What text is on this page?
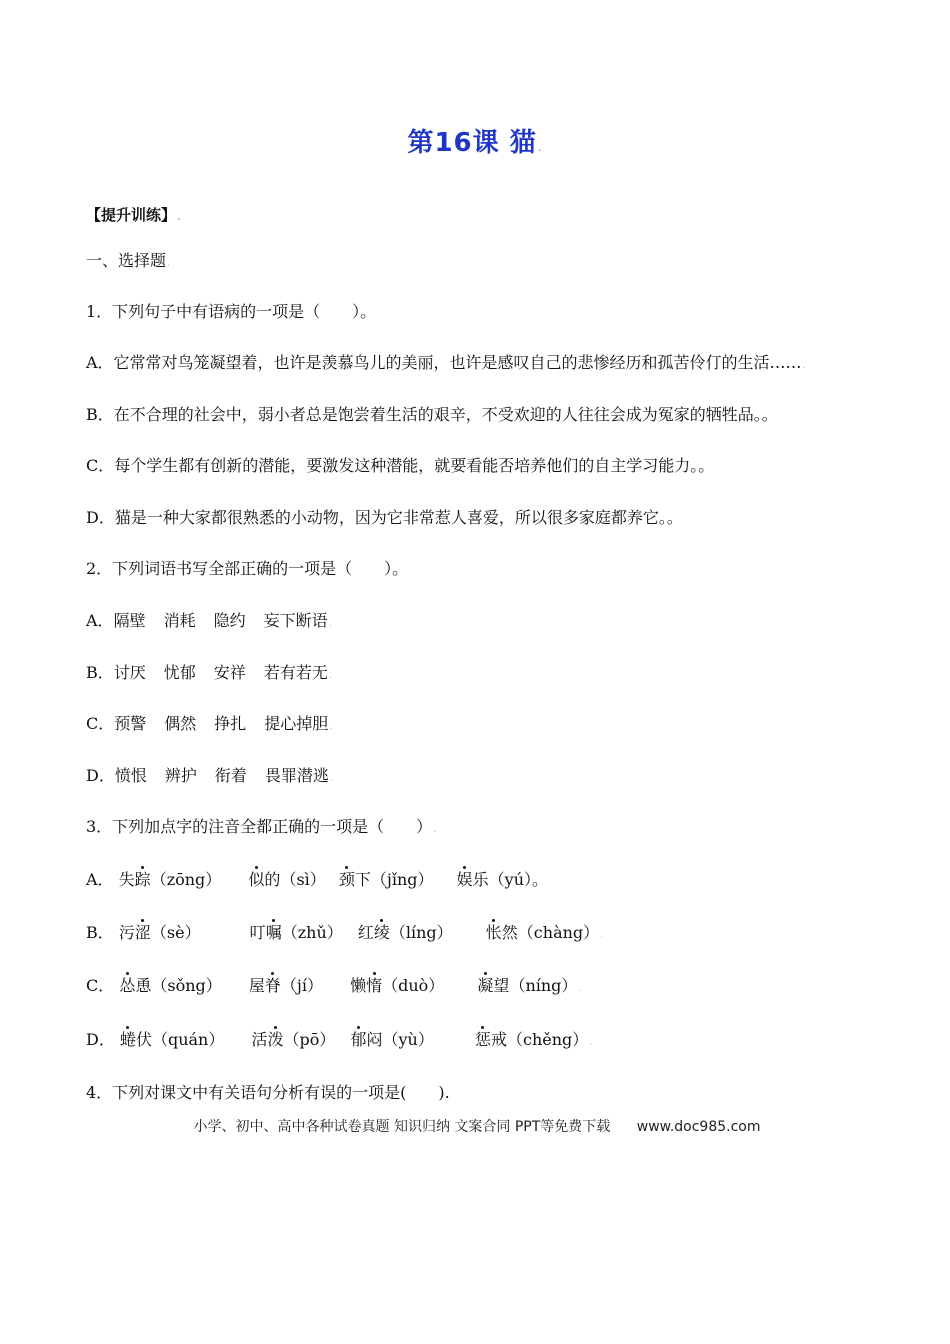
第16课 猫.
【提升训练】.
一、选择题.
1．下列句子中有语病的一项是（　　）。
A．它常常对鸟笼凝望着，也许是羡慕鸟儿的美丽，也许是感叹自己的悲惨经历和孤苦伶仃的生活…….
B．在不合理的社会中，弱小者总是饱尝着生活的艰辛，不受欢迎的人往往会成为冤家的牺牲品。。
C．每个学生都有创新的潜能，要激发这种潜能，就要看能否培养他们的自主学习能力。。
D．猫是一种大家都很熟悉的小动物，因为它非常惹人喜爱，所以很多家庭都养它。。
2．下列词语书写全部正确的一项是（　　）。
A．隔壁 消耗 隐约 妄下断语.
B．讨厌 忧郁 安祥 若有若无.
C．预警 偶然 挣扎 提心掉胆.
D．愤恨 辨护 衔着 畏罪潜逃.
3．下列加点字的注音全都正确的一项是（　　）.
A． 失踪（zōng） 似的（sì） 颈下（jǐng） 娱乐（yú）。
B． 污涩（sè）	叮嘱（zhǔ） 红绫（líng） 怅然（chàng）.
C． 怂恿（sǒng） 屋脊（jí） 懒惰（duò） 凝望（níng）.
D． 蜷伏（quán） 活泼（pō） 郁闷（yù）	惩戒（chěng）.
4．下列对课文中有关语句分析有误的一项是(　　).
小学、初中、高中各种试卷真题 知识归纳 文案合同 PPT等免费下载 www.doc985.com
